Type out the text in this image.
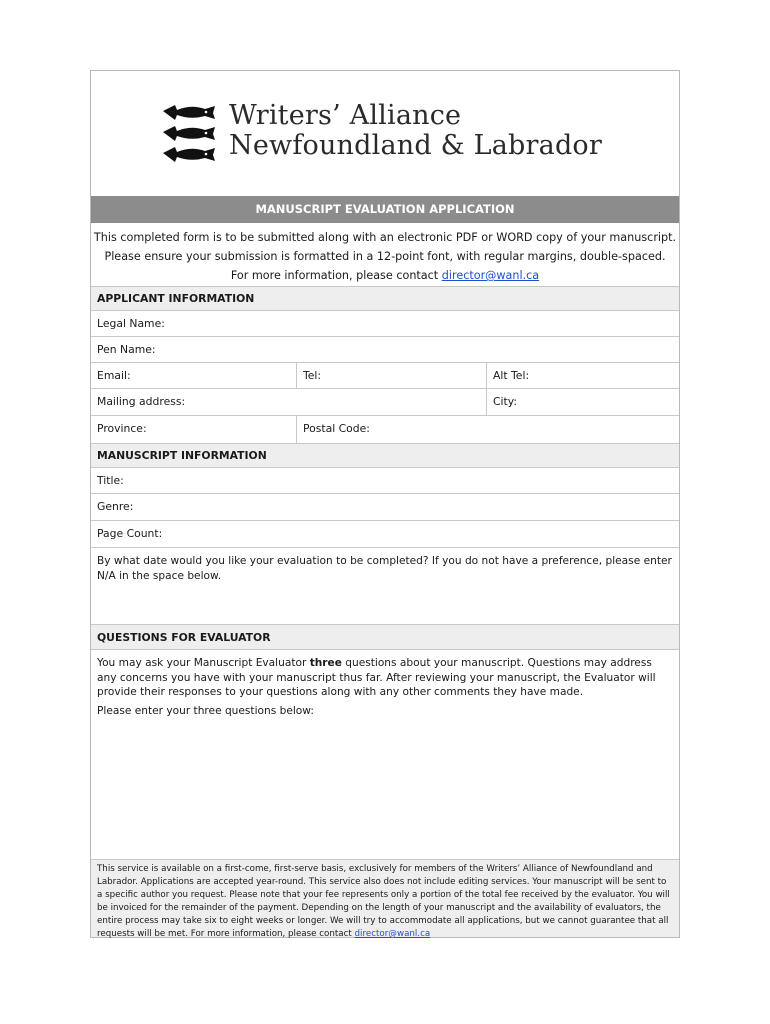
Writers’ Alliance
Newfoundland & Labrador
MANUSCRIPT EVALUATION APPLICATION
This completed form is to be submitted along with an electronic PDF or WORD copy of your manuscript.
Please ensure your submission is formatted in a 12-point font, with regular margins, double-spaced.
For more information, please contact director@wanl.ca
APPLICANT INFORMATION
Legal Name:
Pen Name:
Email:	Tel:	Alt Tel:
Mailing address:	City:
Province:	Postal Code:
MANUSCRIPT INFORMATION
Title:
Genre:
Page Count:
By what date would you like your evaluation to be completed? If you do not have a preference, please enter N/A in the space below.
QUESTIONS FOR EVALUATOR
You may ask your Manuscript Evaluator three questions about your manuscript. Questions may address any concerns you have with your manuscript thus far. After reviewing your manuscript, the Evaluator will provide their responses to your questions along with any other comments they have made.
Please enter your three questions below:
This service is available on a first-come, first-serve basis, exclusively for members of the Writers’ Alliance of Newfoundland and Labrador. Applications are accepted year-round. This service also does not include editing services. Your manuscript will be sent to a specific author you request. Please note that your fee represents only a portion of the total fee received by the evaluator. You will be invoiced for the remainder of the payment. Depending on the length of your manuscript and the availability of evaluators, the entire process may take six to eight weeks or longer. We will try to accommodate all applications, but we cannot guarantee that all requests will be met. For more information, please contact director@wanl.ca
